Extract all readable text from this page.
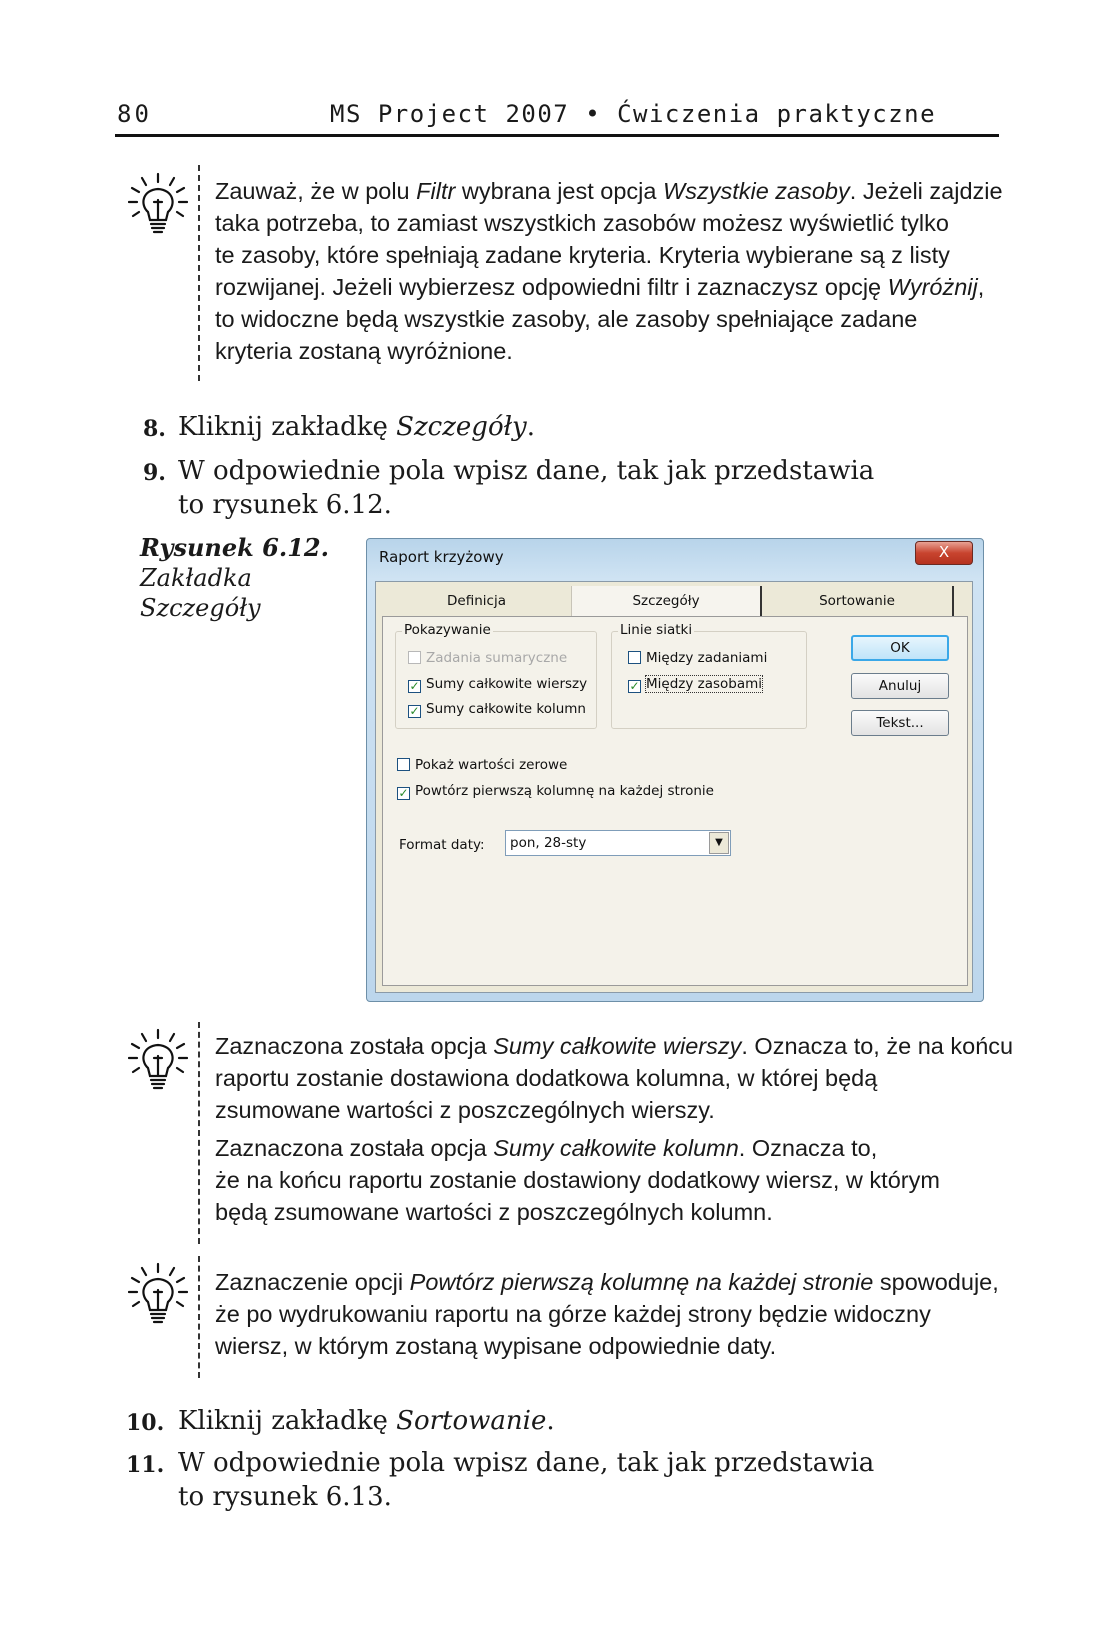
80	MS Project 2007 • Ćwiczenia praktyczne

Zauważ, że w polu Filtr wybrana jest opcja Wszystkie zasoby. Jeżeli zajdzie
taka potrzeba, to zamiast wszystkich zasobów możesz wyświetlić tylko
te zasoby, które spełniają zadane kryteria. Kryteria wybierane są z listy
rozwijanej. Jeżeli wybierzesz odpowiedni filtr i zaznaczysz opcję Wyróżnij,
to widoczne będą wszystkie zasoby, ale zasoby spełniające zadane
kryteria zostaną wyróżnione.

8. Kliknij zakładkę Szczegóły.
9. W odpowiednie pola wpisz dane, tak jak przedstawia to rysunek 6.12.
Rysunek 6.12.
Zakładka
Szczegóły
Raport krzyżowy	X
Definicja	Szczegóły	Sortowanie
Pokazywanie
Zadania sumaryczne
✓ Sumy całkowite wierszy
✓ Sumy całkowite kolumn
Linie siatki
Między zadaniami
✓ Między zasobami
OK
Anuluj
Tekst...
Pokaż wartości zerowe
✓ Powtórz pierwszą kolumnę na każdej stronie
Format daty: pon, 28-sty	▼

Zaznaczona została opcja Sumy całkowite wierszy. Oznacza to, że na końcu
raportu zostanie dostawiona dodatkowa kolumna, w której będą
zsumowane wartości z poszczególnych wierszy.

Zaznaczona została opcja Sumy całkowite kolumn. Oznacza to,
że na końcu raportu zostanie dostawiony dodatkowy wiersz, w którym
będą zsumowane wartości z poszczególnych kolumn.

Zaznaczenie opcji Powtórz pierwszą kolumnę na każdej stronie spowoduje,
że po wydrukowaniu raportu na górze każdej strony będzie widoczny
wiersz, w którym zostaną wypisane odpowiednie daty.

10. Kliknij zakładkę Sortowanie.
11. W odpowiednie pola wpisz dane, tak jak przedstawia to rysunek 6.13.
